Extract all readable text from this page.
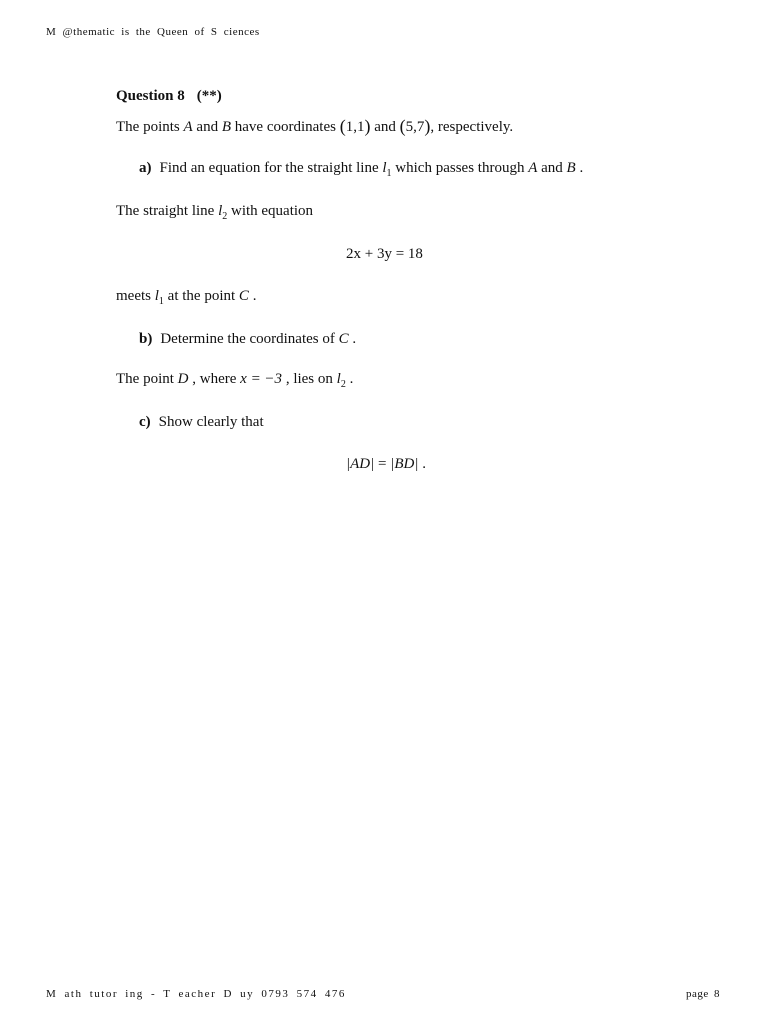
M @thematic is the Queen of S ciences
Question 8 (**)
The points A and B have coordinates (1,1) and (5,7), respectively.
a) Find an equation for the straight line $l_1$ which passes through A and B .
The straight line $l_2$ with equation
2x + 3y = 18
meets $l_1$ at the point C .
b) Determine the coordinates of C .
The point D , where x = −3 , lies on $l_2$ .
c) Show clearly that
|AD| = |BD| .
M ath tutor ing - T eacher D uy 0793 574 476	page 8
